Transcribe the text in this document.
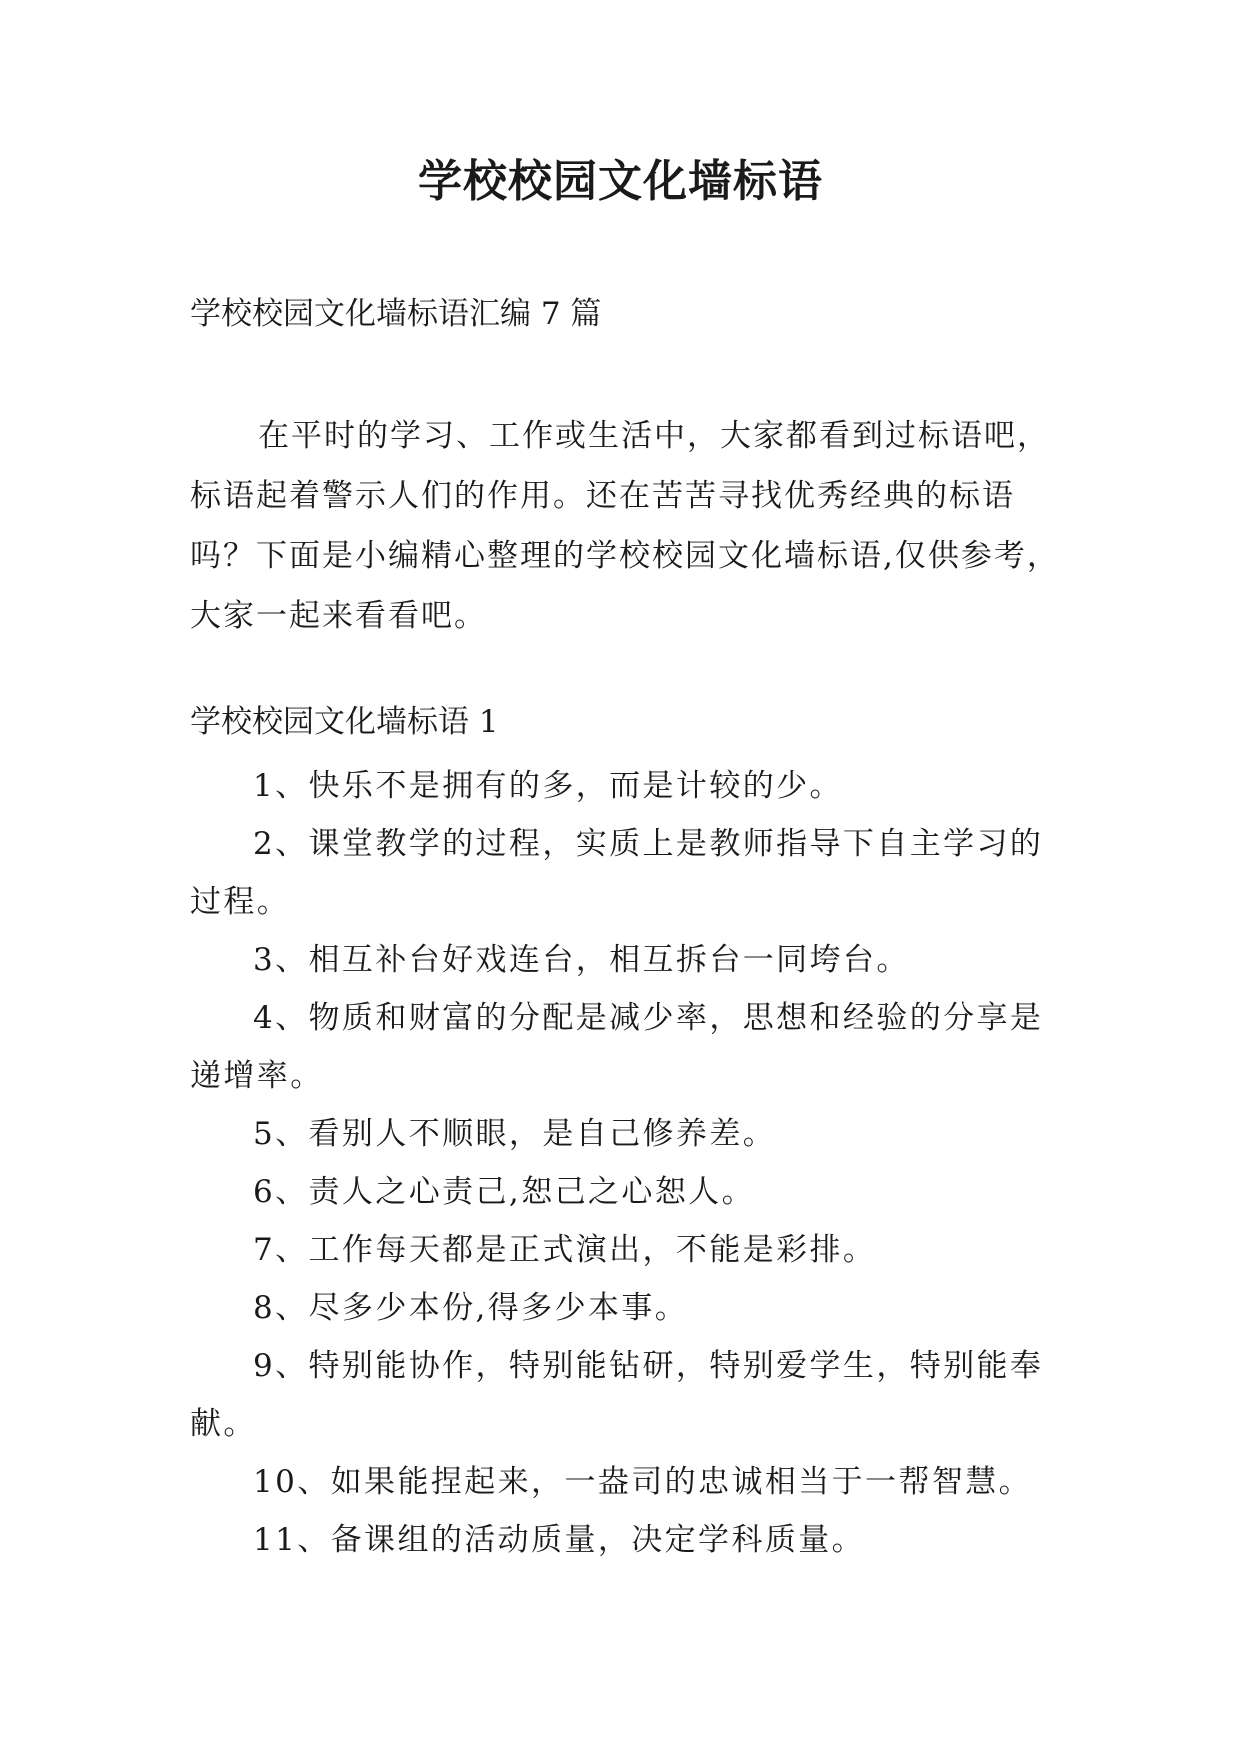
学校校园文化墙标语
学校校园文化墙标语汇编 7 篇

在平时的学习、工作或生活中，大家都看到过标语吧，标语起着警示人们的作用。还在苦苦寻找优秀经典的标语吗？下面是小编精心整理的学校校园文化墙标语,仅供参考，大家一起来看看吧。

学校校园文化墙标语 1
1、快乐不是拥有的多，而是计较的少。
2、课堂教学的过程，实质上是教师指导下自主学习的过程。
3、相互补台好戏连台，相互拆台一同垮台。
4、物质和财富的分配是减少率，思想和经验的分享是递增率。
5、看别人不顺眼，是自己修养差。
6、责人之心责己,恕己之心恕人。
7、工作每天都是正式演出，不能是彩排。
8、尽多少本份,得多少本事。
9、特别能协作，特别能钻研，特别爱学生，特别能奉献。
10、如果能捏起来，一盎司的忠诚相当于一帮智慧。
11、备课组的活动质量，决定学科质量。
